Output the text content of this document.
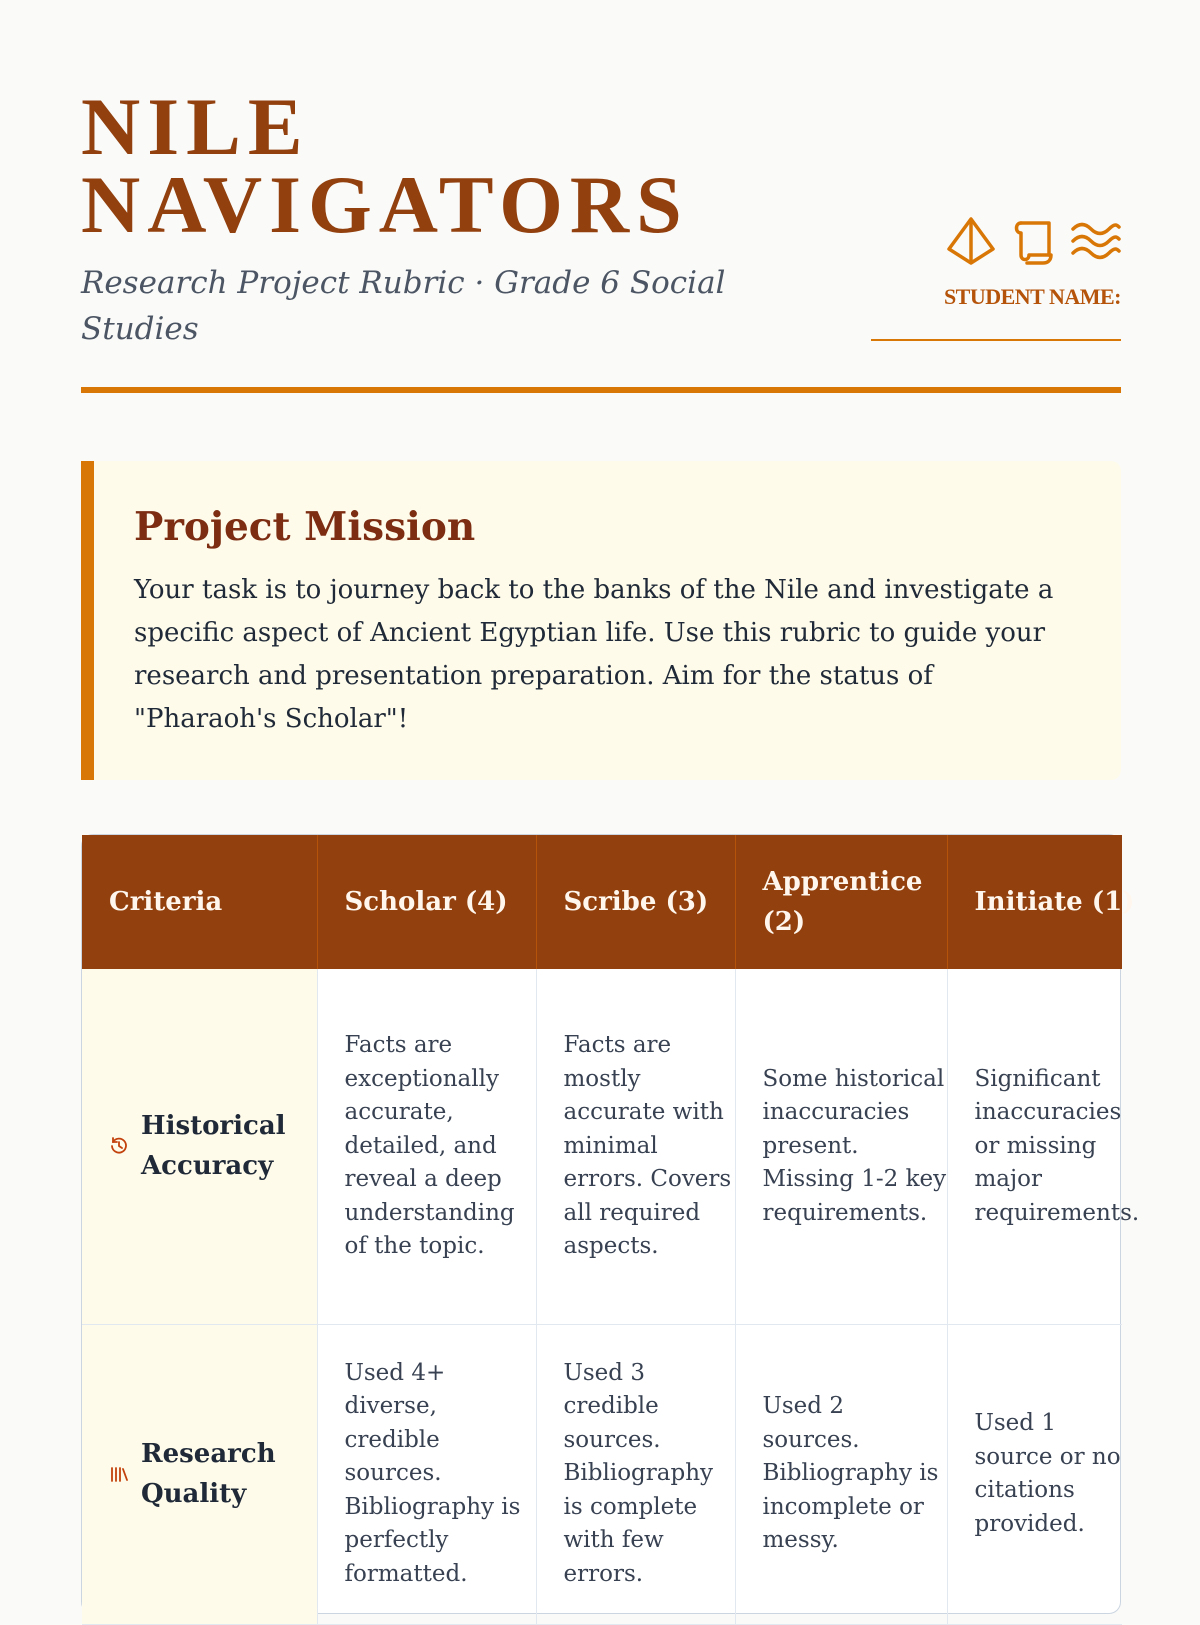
NILE NAVIGATORS
Research Project Rubric · Grade 6 Social Studies
STUDENT NAME:
Project Mission

Your task is to journey back to the banks of the Nile and investigate a specific aspect of Ancient Egyptian life. Use this rubric to guide your research and presentation preparation. Aim for the status of "Pharaoh's Scholar"!

Criteria	Scholar (4)	Scribe (3)	Apprentice (2)	Initiate (1)

Historical Accuracy	Facts are exceptionally accurate, detailed, and reveal a deep understanding of the topic.	Facts are mostly accurate with minimal errors. Covers all required aspects.	Some historical inaccuracies present. Missing 1-2 key requirements.	Significant inaccuracies or missing major requirements.

Research Quality	Used 4+ diverse, credible sources. Bibliography is perfectly formatted.	Used 3 credible sources. Bibliography is complete with few errors.	Used 2 sources. Bibliography is incomplete or messy.	Used 1 source or no citations provided.
